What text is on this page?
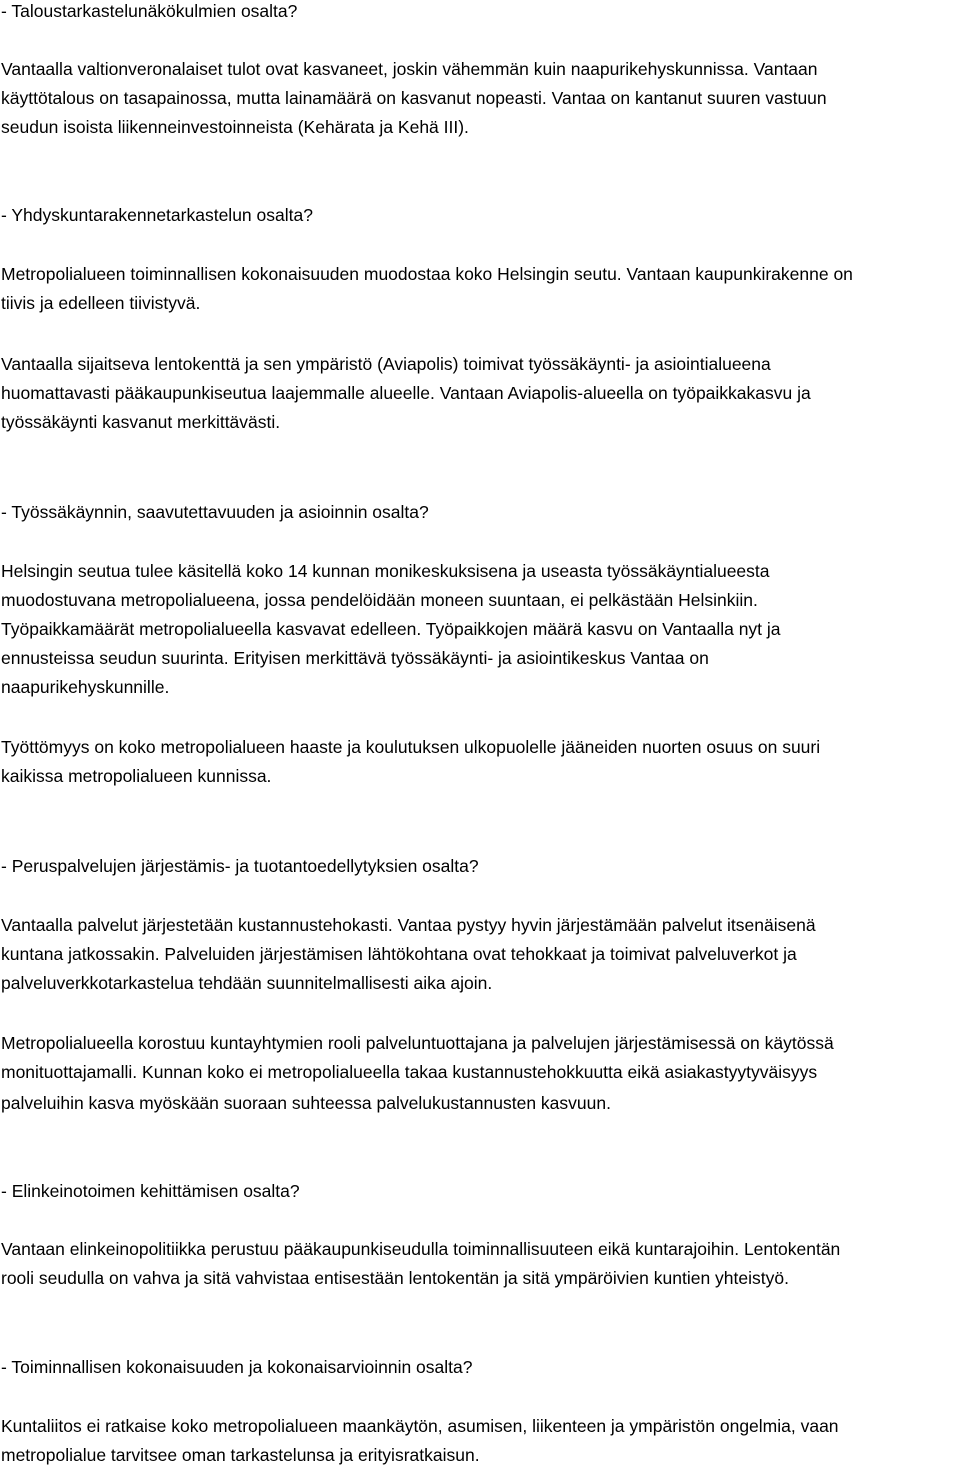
- Taloustarkastelunäkökulmien osalta?
Vantaalla valtionveronalaiset tulot ovat kasvaneet, joskin vähemmän kuin naapurikehyskunnissa. Vantaan
käyttötalous on tasapainossa, mutta lainamäärä on kasvanut nopeasti. Vantaa on kantanut suuren vastuun
seudun isoista liikenneinvestoinneista (Kehärata ja Kehä III).
- Yhdyskuntarakennetarkastelun osalta?
Metropolialueen toiminnallisen kokonaisuuden muodostaa koko Helsingin seutu. Vantaan kaupunkirakenne on
tiivis ja edelleen tiivistyvä.
Vantaalla sijaitseva lentokenttä ja sen ympäristö (Aviapolis) toimivat työssäkäynti- ja asiointialueena
huomattavasti pääkaupunkiseutua laajemmalle alueelle. Vantaan Aviapolis-alueella on työpaikkakasvu ja
työssäkäynti kasvanut merkittävästi.
- Työssäkäynnin, saavutettavuuden ja asioinnin osalta?
Helsingin seutua tulee käsitellä koko 14 kunnan monikeskuksisena ja useasta työssäkäyntialueesta
muodostuvana metropolialueena, jossa pendelöidään moneen suuntaan, ei pelkästään Helsinkiin.
Työpaikkamäärät metropolialueella kasvavat edelleen. Työpaikkojen määrä kasvu on Vantaalla nyt ja
ennusteissa seudun suurinta. Erityisen merkittävä työssäkäynti- ja asiointikeskus Vantaa on
naapurikehyskunnille.
Työttömyys on koko metropolialueen haaste ja koulutuksen ulkopuolelle jääneiden nuorten osuus on suuri
kaikissa metropolialueen kunnissa.
- Peruspalvelujen järjestämis- ja tuotantoedellytyksien osalta?
Vantaalla palvelut järjestetään kustannustehokasti. Vantaa pystyy hyvin järjestämään palvelut itsenäisenä
kuntana jatkossakin. Palveluiden järjestämisen lähtökohtana ovat tehokkaat ja toimivat palveluverkot ja
palveluverkkotarkastelua tehdään suunnitelmallisesti aika ajoin.
Metropolialueella korostuu kuntayhtymien rooli palveluntuottajana ja palvelujen järjestämisessä on käytössä
monituottajamalli. Kunnan koko ei metropolialueella takaa kustannustehokkuutta eikä asiakastyytyväisyys
palveluihin kasva myöskään suoraan suhteessa palvelukustannusten kasvuun.
- Elinkeinotoimen kehittämisen osalta?
Vantaan elinkeinopolitiikka perustuu pääkaupunkiseudulla toiminnallisuuteen eikä kuntarajoihin. Lentokentän
rooli seudulla on vahva ja sitä vahvistaa entisestään lentokentän ja sitä ympäröivien kuntien yhteistyö.
- Toiminnallisen kokonaisuuden ja kokonaisarvioinnin osalta?
Kuntaliitos ei ratkaise koko metropolialueen maankäytön, asumisen, liikenteen ja ympäristön ongelmia, vaan
metropolialue tarvitsee oman tarkastelunsa ja erityisratkaisun.
